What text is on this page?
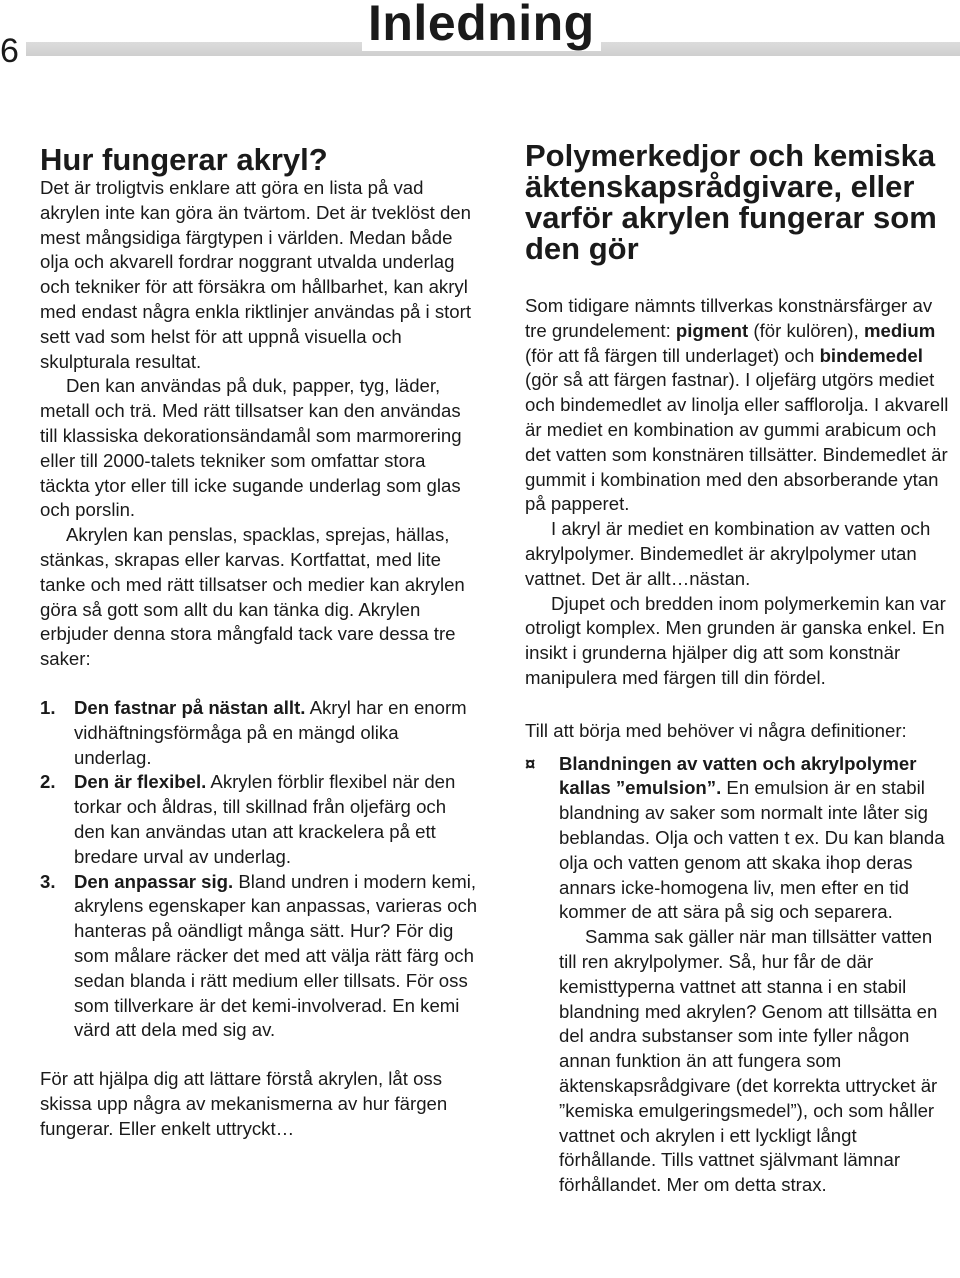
6	Inledning
Hur fungerar akryl?

Det är troligtvis enklare att göra en lista på vad akrylen inte kan göra än tvärtom. Det är tveklöst den mest mångsidiga färgtypen i världen. Medan både olja och akvarell fordrar noggrant utvalda underlag och tekniker för att försäkra om hållbarhet, kan akryl med endast några enkla riktlinjer användas på i stort sett vad som helst för att uppnå visuella och skulpturala resultat.

Den kan användas på duk, papper, tyg, läder, metall och trä. Med rätt tillsatser kan den användas till klassiska dekorationsändamål som marmorering eller till 2000-talets tekniker som omfattar stora täckta ytor eller till icke sugande underlag som glas och porslin.

Akrylen kan penslas, spacklas, sprejas, hällas, stänkas, skrapas eller karvas. Kortfattat, med lite tanke och med rätt tillsatser och medier kan akrylen göra så gott som allt du kan tänka dig. Akrylen erbjuder denna stora mångfald tack vare dessa tre saker:

1. Den fastnar på nästan allt. Akryl har en enorm vidhäftningsförmåga på en mängd olika underlag.
2. Den är flexibel. Akrylen förblir flexibel när den torkar och åldras, till skillnad från oljefärg och den kan användas utan att krackelera på ett bredare urval av underlag.
3. Den anpassar sig. Bland undren i modern kemi, akrylens egenskaper kan anpassas, varieras och hanteras på oändligt många sätt. Hur? För dig som målare räcker det med att välja rätt färg och sedan blanda i rätt medium eller tillsats. För oss som tillverkare är det kemi-involverad. En kemi värd att dela med sig av.

För att hjälpa dig att lättare förstå akrylen, låt oss skissa upp några av mekanismerna av hur färgen fungerar. Eller enkelt uttryckt…

Polymerkedjor och kemiska äktenskapsrådgivare, eller varför akrylen fungerar som den gör

Som tidigare nämnts tillverkas konstnärsfärger av tre grundelement: pigment (för kulören), medium (för att få färgen till underlaget) och bindemedel (gör så att färgen fastnar). I oljefärg utgörs mediet och bindemedlet av linolja eller safflorolja. I akvarell är mediet en kombination av gummi arabicum och det vatten som konstnären tillsätter. Bindemedlet är gummit i kombination med den absorberande ytan på papperet.

I akryl är mediet en kombination av vatten och akrylpolymer. Bindemedlet är akrylpolymer utan vattnet. Det är allt…nästan.

Djupet och bredden inom polymerkemin kan var otroligt komplex. Men grunden är ganska enkel. En insikt i grunderna hjälper dig att som konstnär manipulera med färgen till din fördel.

Till att börja med behöver vi några definitioner:

¤ Blandningen av vatten och akrylpolymer kallas ”emulsion”. En emulsion är en stabil blandning av saker som normalt inte låter sig beblandas. Olja och vatten t ex. Du kan blanda olja och vatten genom att skaka ihop deras annars icke-homogena liv, men efter en tid kommer de att sära på sig och separera.

Samma sak gäller när man tillsätter vatten till ren akrylpolymer. Så, hur får de där kemisttyperna vattnet att stanna i en stabil blandning med akrylen? Genom att tillsätta en del andra substanser som inte fyller någon annan funktion än att fungera som äktenskapsrådgivare (det korrekta uttrycket är ”kemiska emulgeringsmedel”), och som håller vattnet och akrylen i ett lyckligt långt förhållande. Tills vattnet självmant lämnar förhållandet. Mer om detta strax.
